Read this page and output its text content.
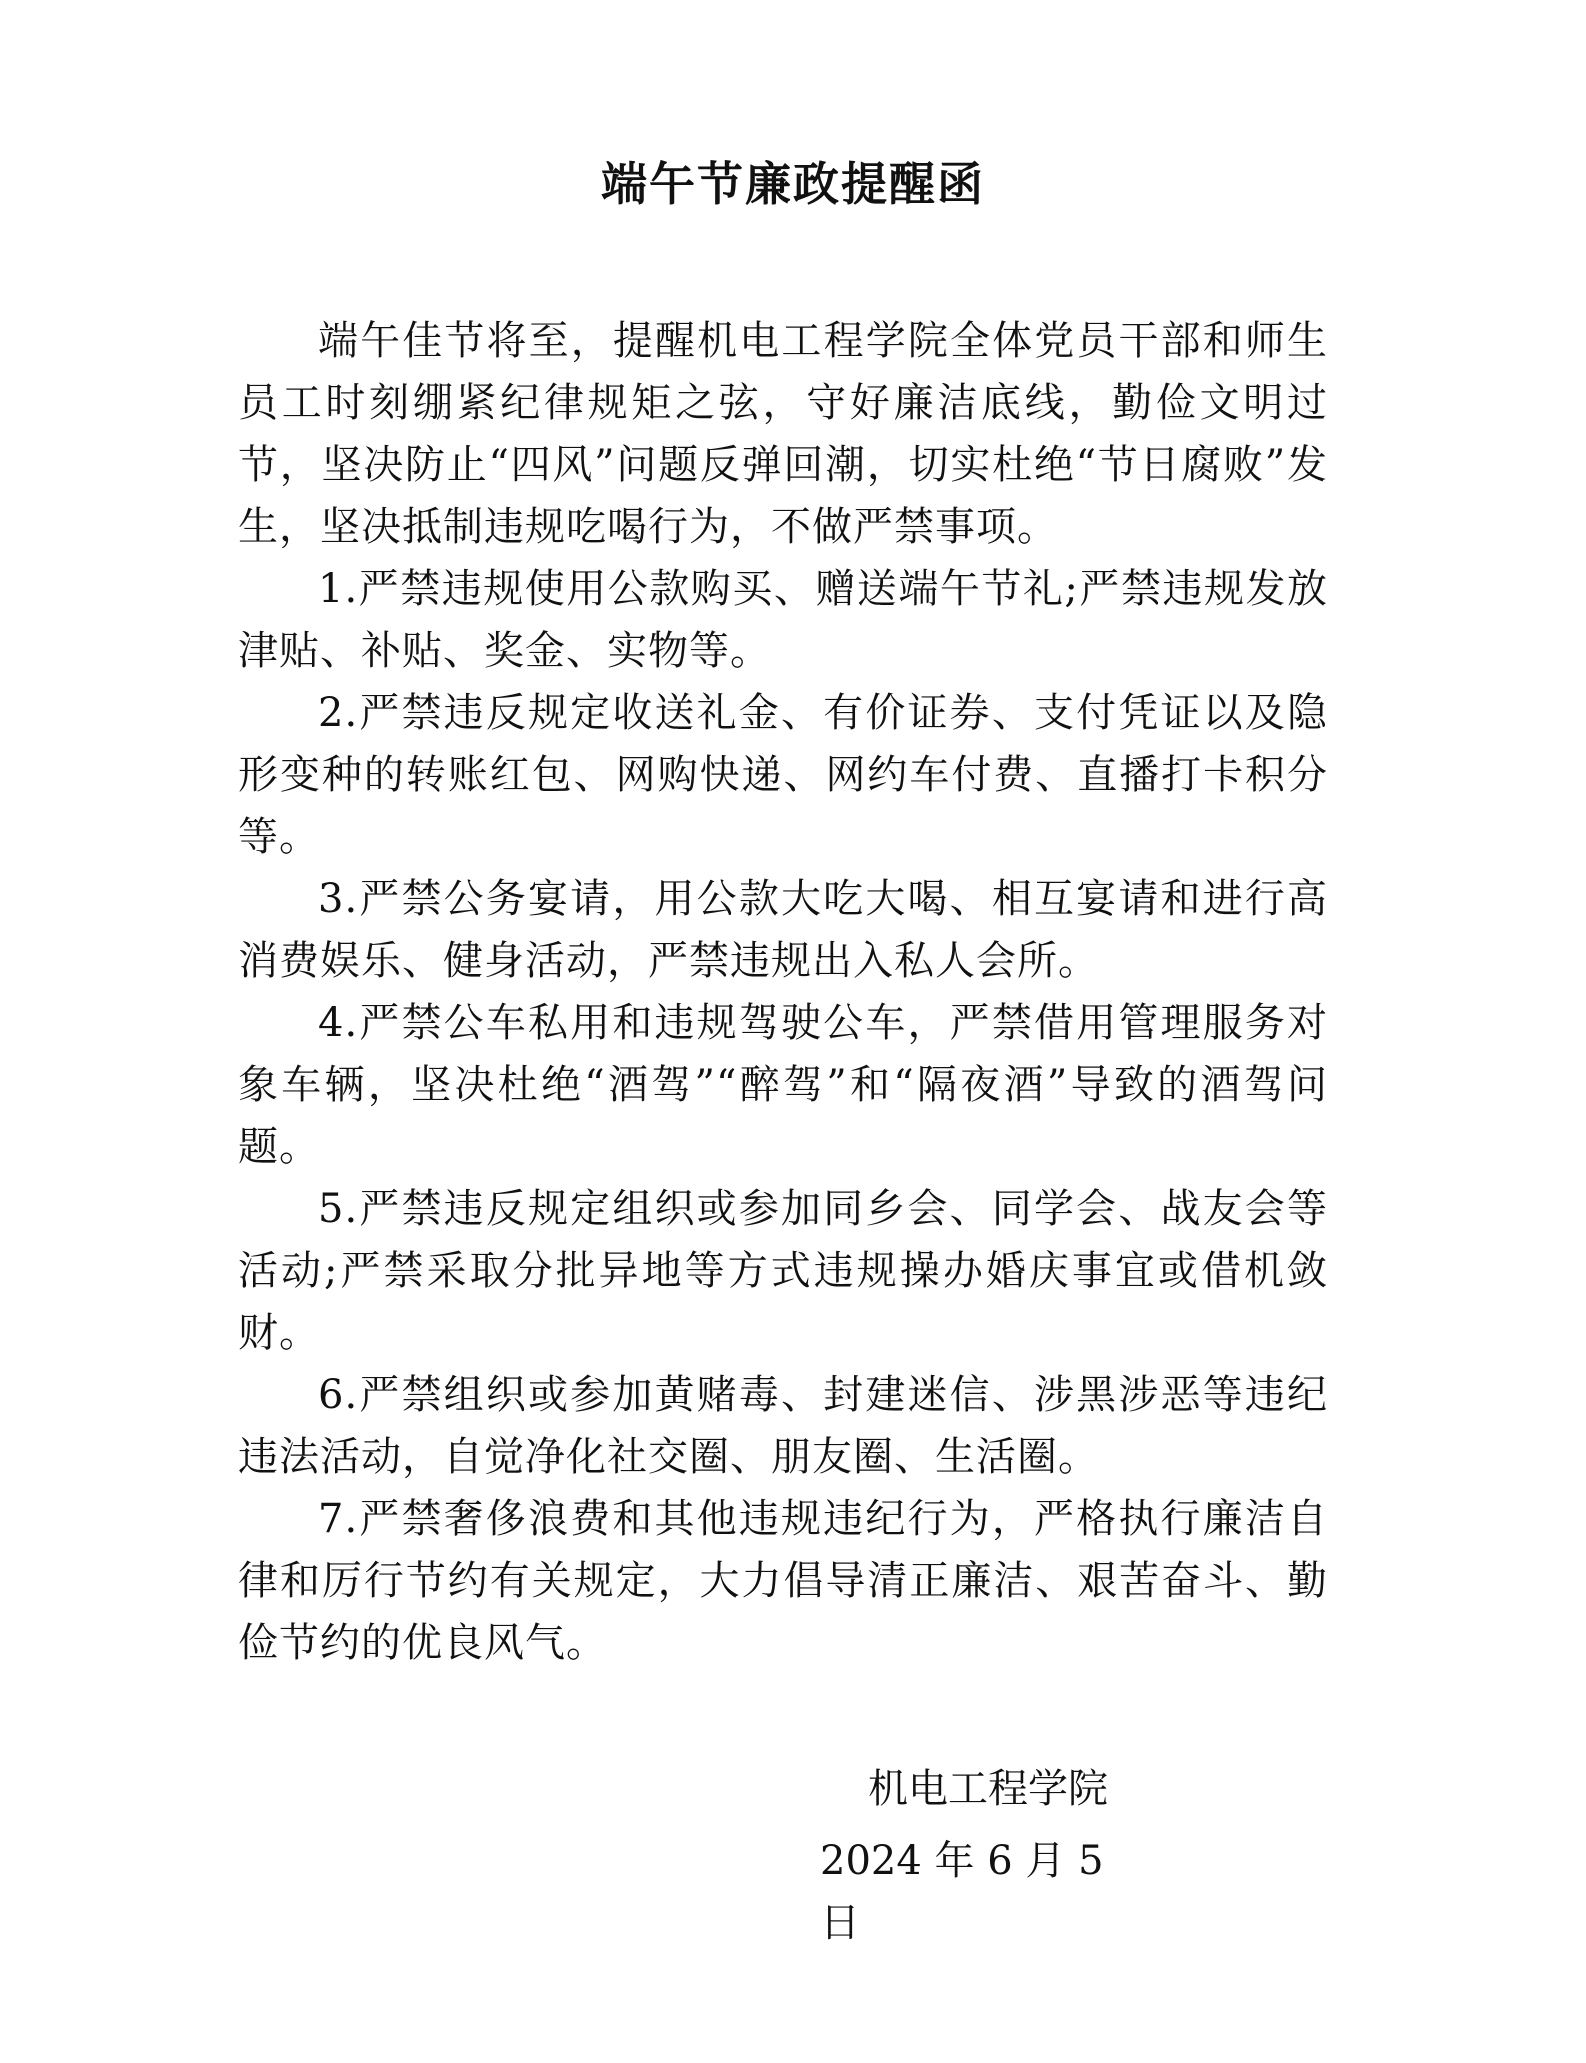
端午节廉政提醒函

端午佳节将至，提醒机电工程学院全体党员干部和师生员工时刻绷紧纪律规矩之弦，守好廉洁底线，勤俭文明过节，坚决防止“四风”问题反弹回潮，切实杜绝“节日腐败”发生，坚决抵制违规吃喝行为，不做严禁事项。

1.严禁违规使用公款购买、赠送端午节礼;严禁违规发放津贴、补贴、奖金、实物等。

2.严禁违反规定收送礼金、有价证券、支付凭证以及隐形变种的转账红包、网购快递、网约车付费、直播打卡积分等。

3.严禁公务宴请，用公款大吃大喝、相互宴请和进行高消费娱乐、健身活动，严禁违规出入私人会所。

4.严禁公车私用和违规驾驶公车，严禁借用管理服务对象车辆，坚决杜绝“酒驾”“醉驾”和“隔夜酒”导致的酒驾问题。

5.严禁违反规定组织或参加同乡会、同学会、战友会等活动;严禁采取分批异地等方式违规操办婚庆事宜或借机敛财。

6.严禁组织或参加黄赌毒、封建迷信、涉黑涉恶等违纪违法活动，自觉净化社交圈、朋友圈、生活圈。

7.严禁奢侈浪费和其他违规违纪行为，严格执行廉洁自律和厉行节约有关规定，大力倡导清正廉洁、艰苦奋斗、勤俭节约的优良风气。

机电工程学院
2024 年 6 月 5 日
